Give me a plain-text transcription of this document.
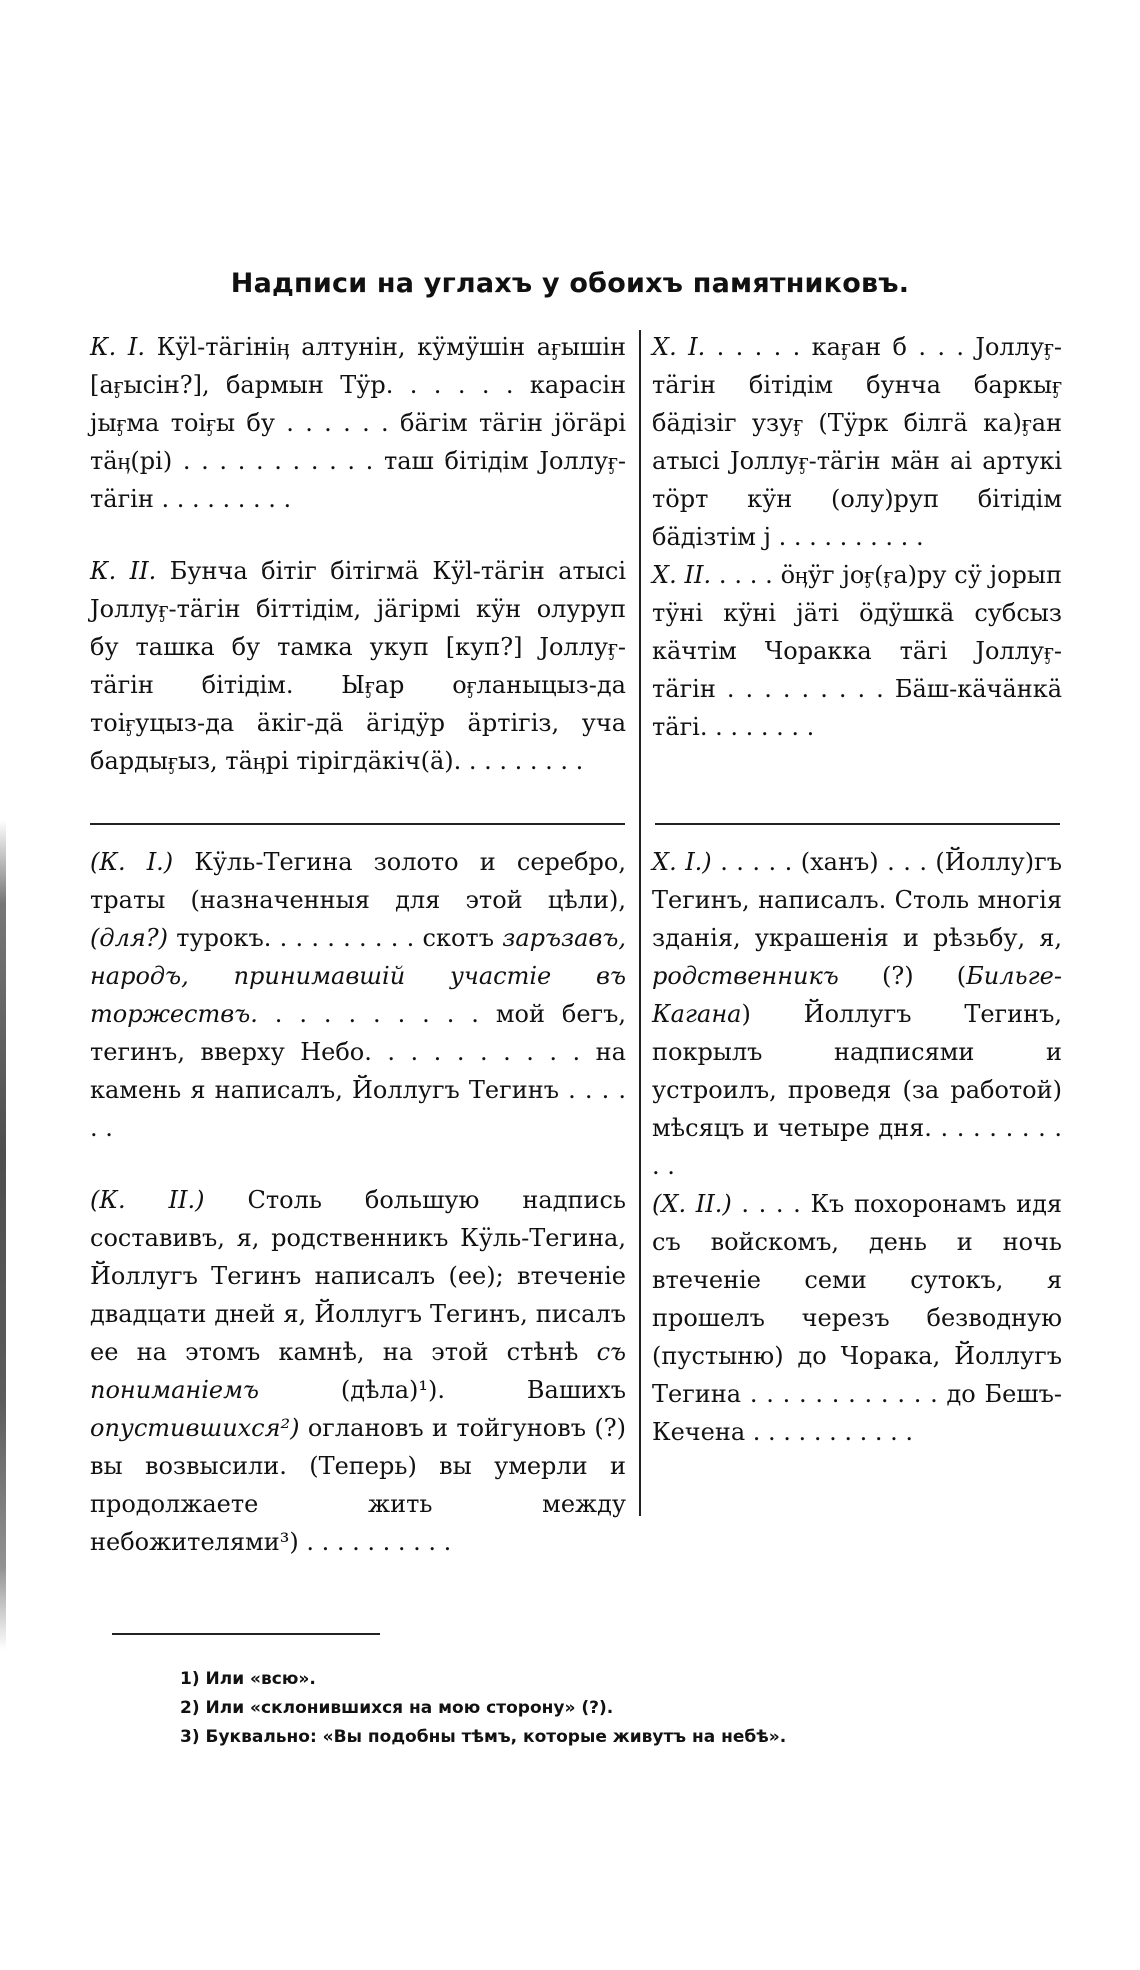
Надписи на углахъ у обоихъ памятниковъ.

К. I. Кӱl-тäгiнiӊ алтунiн, кӱмӱшiн аӻышiн [аӻысiн?], бармын Тӱр. . . . . . карасiн јыӻма тоiӻы бу . . . . . . бäгiм тäгiн јöгäрi тäӊ(рi) . . . . . . . . . . . таш бiтiдiм Јоллуӻ-тäгiн . . . . . . . . .

К. II. Бунча бiтiг бiтiгмä Кӱl-тäгiн атысi Јоллуӻ-тäгiн бiттiдiм, јäгiрмi кӱн олуруп бу ташка бу тамка укуп [куп?] Јоллуӻ-тäгiн бiтiдiм. Ыӻар оӻланыцыз-да тоiӻуцыз-да äкiг-дä äгiдӱр äртiгiз, уча бардыӻыз, тäӊрi тiрiгдäкiч(ä). . . . . . . . .

Х. I. . . . . . каӻан б . . . Јоллуӻ-тäгiн бiтiдiм бунча баркыӻ бäдiзiг узуӻ (Тӱрк бiлгä ка)ӻан атысi Јоллуӻ-тäгiн мäн аi артукi тöрт кӱн (олу)руп бiтiдiм бäдiзтiм ј . . . . . . . . . .

Х. II. . . . . öӊӱг јоӻ(ӻа)ру сӱ јорып тӱнi кӱнi јäтi öдӱшкä субсыз кäчтiм Чоракка тäгi Јоллуӻ-тäгiн . . . . . . . . . Бäш-кäчäнкä тäгi. . . . . . . .

(К. I.) Кӱль-Тегина золото и серебро, траты (назначенныя для этой цѣли), (для?) турокъ. . . . . . . . . . скотъ заръзавъ, народъ, принимавшій участіе въ торжествъ. . . . . . . . . . мой бегъ, тегинъ, вверху Небо. . . . . . . . . . на камень я написалъ, Йоллугъ Тегинъ . . . . . .

(К. II.) Столь большую надпись составивъ, я, родственникъ Кӱль-Тегина, Йоллугъ Тегинъ написалъ (ее); втеченіе двадцати дней я, Йоллугъ Тегинъ, писалъ ее на этомъ камнѣ, на этой стѣнѣ съ пониманіемъ	(дѣла)¹). Вашихъ опустившихся²) оглановъ и тойгуновъ (?) вы возвысили. (Теперь) вы умерли и продолжаете жить между небожителями³) . . . . . . . . . .

Х. I.) . . . . . (ханъ) . . . (Йоллу)гъ Тегинъ, написалъ. Столь многія зданія, украшенія и рѣзьбу, я, родственникъ (?) (Бильге-Кагана) Йоллугъ Тегинъ, покрылъ надписями и устроилъ, проведя (за работой) мѣсяцъ и четыре дня. . . . . . . . . . .

(Х. II.) . . . . Къ похоронамъ идя съ войскомъ, день и ночь втеченіе семи сутокъ, я прошелъ черезъ безводную (пустыню) до Чорака, Йоллугъ Тегина . . . . . . . . . . . . до Бешъ-Кечена . . . . . . . . . . .

1) Или «всю».
2) Или «склонившихся на мою сторону» (?).
3) Буквально: «Вы подобны тѣмъ, которые живутъ на небѣ».
